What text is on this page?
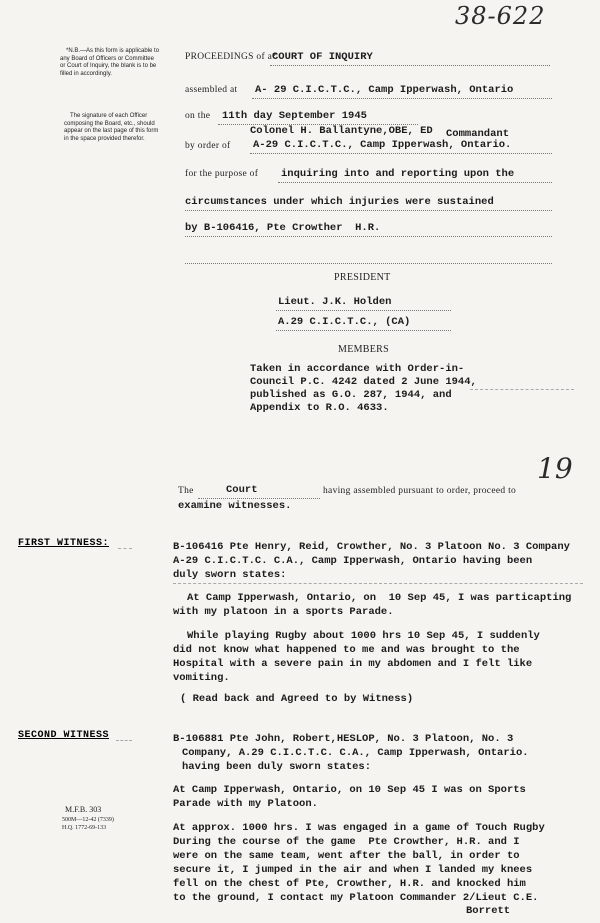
38-622
*N.B.—As this form is applicable to any Board of Officers or Committee or Court of Inquiry, the blank is to be filled in accordingly.
The signature of each Officer composing the Board, etc., should appear on the last page of this form in the space provided therefor.
PROCEEDINGS of a*
COURT OF INQUIRY
assembled at A- 29 C.I.C.T.C., Camp Ipperwash, Ontario
on the 11th day September 1945
Colonel H. Ballantyne,OBE, ED Commandant
by order of A-29 C.I.C.T.C., Camp Ipperwash, Ontario.
for the purpose of inquiring into and reporting upon the
circumstances under which injuries were sustained
by B-106416, Pte Crowther  H.R.
PRESIDENT
Lieut. J.K. Holden
A.29 C.I.C.T.C., (CA)
MEMBERS
Taken in accordance with Order-in-
Council P.C. 4242 dated 2 June 1944,
published as G.O. 287, 1944, and
Appendix to R.O. 4633.
19
The	Court	having assembled pursuant to order, proceed to
examine witnesses.
FIRST WITNESS:	B-106416 Pte Henry, Reid, Crowther, No. 3 Platoon No. 3 Company
A-29 C.I.C.T.C. C.A., Camp Ipperwash, Ontario having been
duly sworn states:
At Camp Ipperwash, Ontario, on  10 Sep 45, I was particapting
with my platoon in a sports Parade.
While playing Rugby about 1000 hrs 10 Sep 45, I suddenly
did not know what happened to me and was brought to the
Hospital with a severe pain in my abdomen and I felt like
vomiting.
( Read back and Agreed to by Witness)
SECOND WITNESS	B-106881 Pte John, Robert,HESLOP, No. 3 Platoon, No. 3
Company, A.29 C.I.C.T.C. C.A., Camp Ipperwash, Ontario.
having been duly sworn states:
At Camp Ipperwash, Ontario, on 10 Sep 45 I was on Sports
Parade with my Platoon.
At approx. 1000 hrs. I was engaged in a game of Touch Rugby
During the course of the game  Pte Crowther, H.R. and I
were on the same team, went after the ball, in order to
secure it, I jumped in the air and when I landed my knees
fell on the chest of Pte, Crowther, H.R. and knocked him
to the ground, I contact my Platoon Commander 2/Lieut C.E.
Borrett
M.F.B. 303
500M—12-42 (7339)
H.Q. 1772-69-133
